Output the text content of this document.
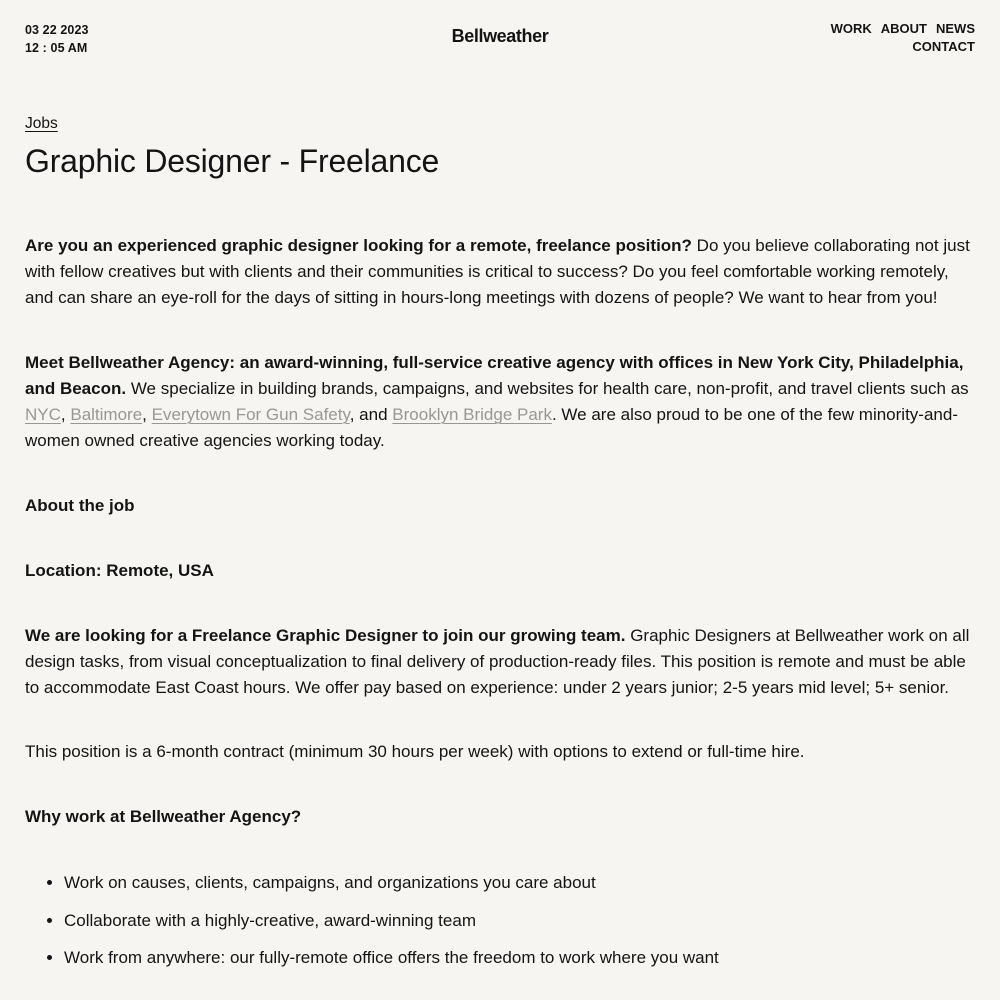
03 22 2023
12 : 05 AM
Bellweather	WORK ABOUT NEWS
CONTACT
Jobs
Graphic Designer - Freelance

Are you an experienced graphic designer looking for a remote, freelance position? Do you believe collaborating not just with fellow creatives but with clients and their communities is critical to success? Do you feel comfortable working remotely, and can share an eye-roll for the days of sitting in hours-long meetings with dozens of people? We want to hear from you!

Meet Bellweather Agency: an award-winning, full-service creative agency with offices in New York City, Philadelphia, and Beacon. We specialize in building brands, campaigns, and websites for health care, non-profit, and travel clients such as NYC, Baltimore, Everytown For Gun Safety, and Brooklyn Bridge Park. We are also proud to be one of the few minority-and-women owned creative agencies working today.

About the job

Location: Remote, USA

We are looking for a Freelance Graphic Designer to join our growing team. Graphic Designers at Bellweather work on all design tasks, from visual conceptualization to final delivery of production-ready files. This position is remote and must be able to accommodate East Coast hours. We offer pay based on experience: under 2 years junior; 2-5 years mid level; 5+ senior.

This position is a 6-month contract (minimum 30 hours per week) with options to extend or full-time hire.

Why work at Bellweather Agency?

• Work on causes, clients, campaigns, and organizations you care about
• Collaborate with a highly-creative, award-winning team
• Work from anywhere: our fully-remote office offers the freedom to work where you want
